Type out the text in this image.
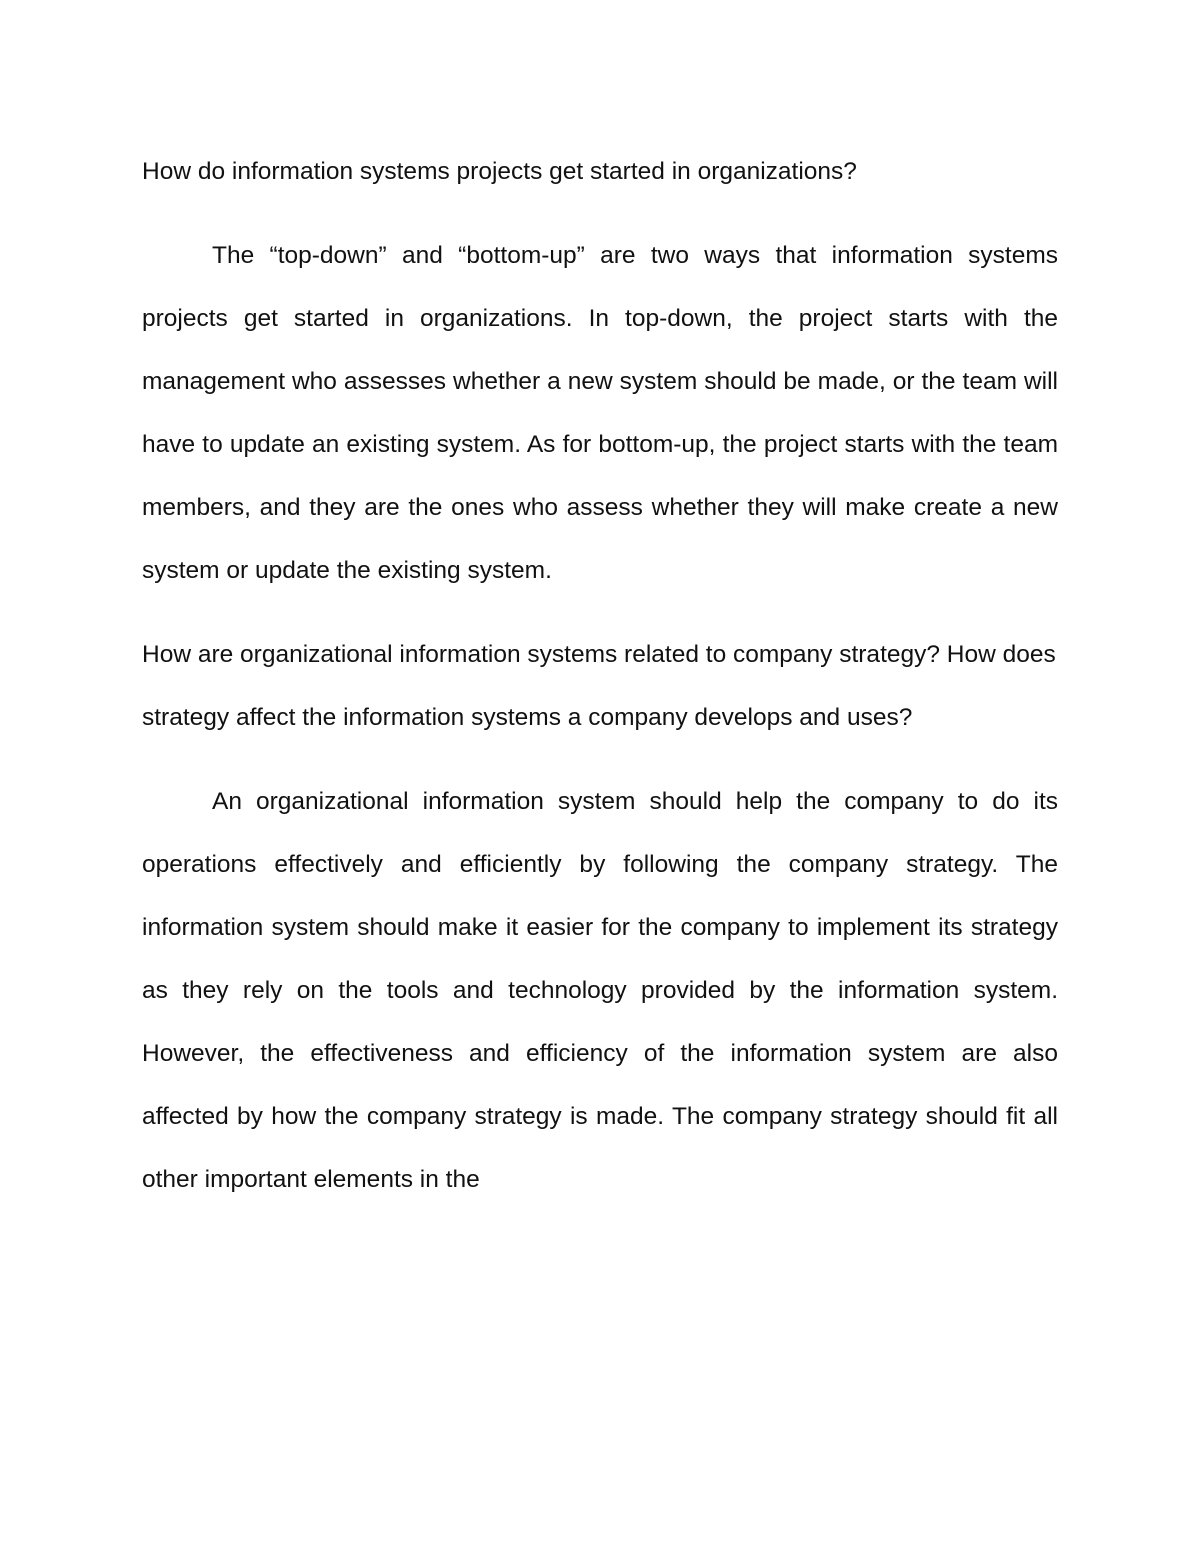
How do information systems projects get started in organizations?

The “top-down” and “bottom-up” are two ways that information systems projects get started in organizations. In top-down, the project starts with the management who assesses whether a new system should be made, or the team will have to update an existing system. As for bottom-up, the project starts with the team members, and they are the ones who assess whether they will make create a new system or update the existing system.

How are organizational information systems related to company strategy? How does strategy affect the information systems a company develops and uses?

An organizational information system should help the company to do its operations effectively and efficiently by following the company strategy. The information system should make it easier for the company to implement its strategy as they rely on the tools and technology provided by the information system. However, the effectiveness and efficiency of the information system are also affected by how the company strategy is made. The company strategy should fit all other important elements in the
